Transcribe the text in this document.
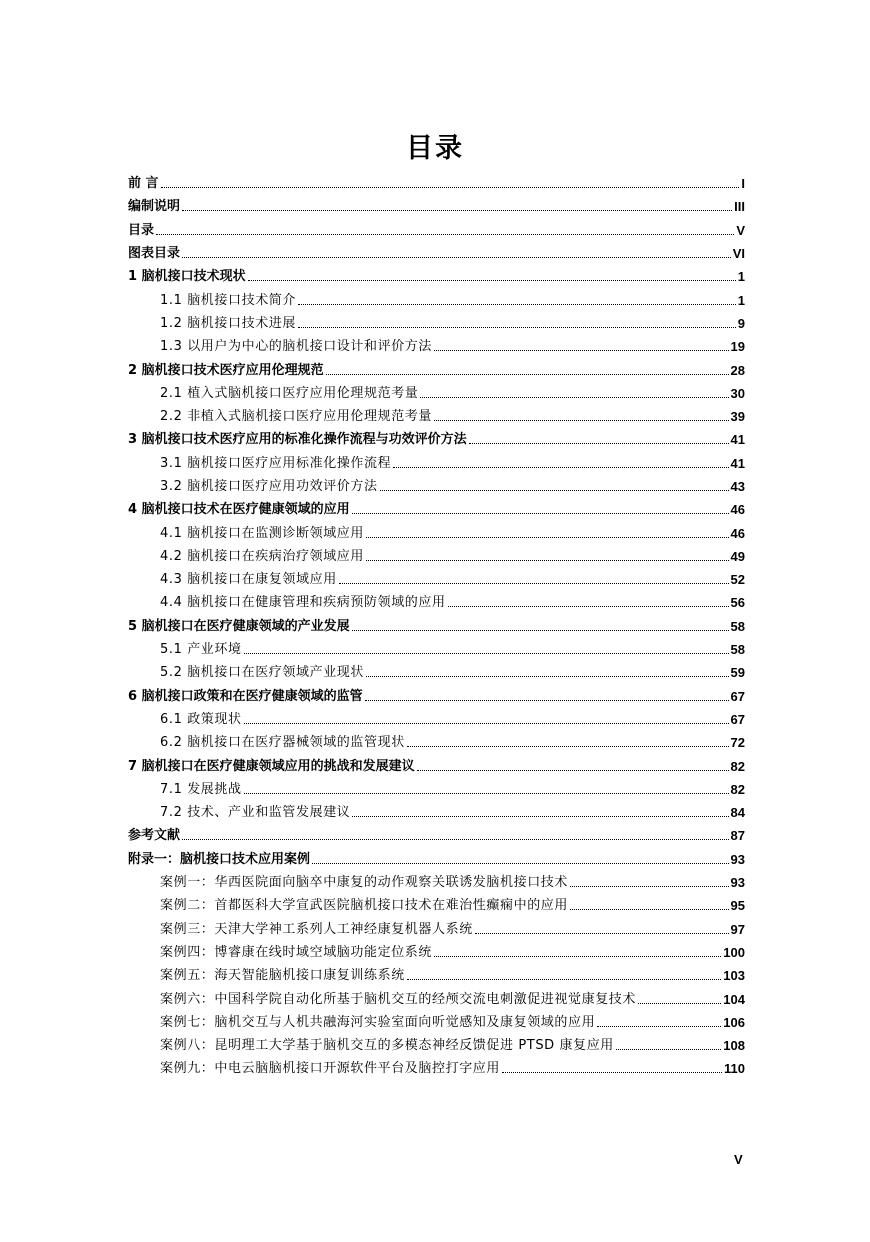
目录
前 言	I
编制说明	III
目录	V
图表目录	VI
1 脑机接口技术现状	1
1.1 脑机接口技术简介	1
1.2 脑机接口技术进展	9
1.3 以用户为中心的脑机接口设计和评价方法	19
2 脑机接口技术医疗应用伦理规范	28
2.1 植入式脑机接口医疗应用伦理规范考量	30
2.2 非植入式脑机接口医疗应用伦理规范考量	39
3 脑机接口技术医疗应用的标准化操作流程与功效评价方法	41
3.1 脑机接口医疗应用标准化操作流程	41
3.2 脑机接口医疗应用功效评价方法	43
4 脑机接口技术在医疗健康领域的应用	46
4.1 脑机接口在监测诊断领域应用	46
4.2 脑机接口在疾病治疗领域应用	49
4.3 脑机接口在康复领域应用	52
4.4 脑机接口在健康管理和疾病预防领域的应用	56
5 脑机接口在医疗健康领域的产业发展	58
5.1 产业环境	58
5.2 脑机接口在医疗领域产业现状	59
6 脑机接口政策和在医疗健康领域的监管	67
6.1 政策现状	67
6.2 脑机接口在医疗器械领域的监管现状	72
7 脑机接口在医疗健康领域应用的挑战和发展建议	82
7.1 发展挑战	82
7.2 技术、产业和监管发展建议	84
参考文献	87
附录一：脑机接口技术应用案例	93
案例一：华西医院面向脑卒中康复的动作观察关联诱发脑机接口技术	93
案例二：首都医科大学宣武医院脑机接口技术在难治性癫痫中的应用	95
案例三：天津大学神工系列人工神经康复机器人系统	97
案例四：博睿康在线时域空域脑功能定位系统	100
案例五：海天智能脑机接口康复训练系统	103
案例六：中国科学院自动化所基于脑机交互的经颅交流电刺激促进视觉康复技术	104
案例七：脑机交互与人机共融海河实验室面向听觉感知及康复领域的应用	106
案例八：昆明理工大学基于脑机交互的多模态神经反馈促进 PTSD 康复应用	108
案例九：中电云脑脑机接口开源软件平台及脑控打字应用	110
V
